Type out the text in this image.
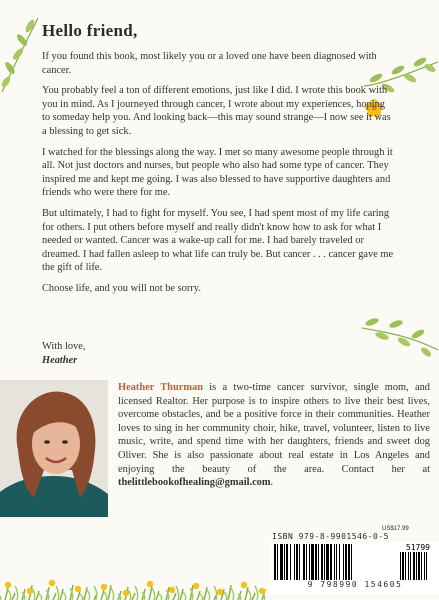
Hello friend,

If you found this book, most likely you or a loved one have been diagnosed with cancer.

You probably feel a ton of different emotions, just like I did. I wrote this book with you in mind. As I journeyed through cancer, I wrote about my experiences, hoping to someday help you. And looking back—this may sound strange—I now see it was a blessing to get sick.

I watched for the blessings along the way. I met so many awesome people through it all. Not just doctors and nurses, but people who also had some type of cancer. They inspired me and kept me going. I was also blessed to have supportive daughters and friends who were there for me.

But ultimately, I had to fight for myself. You see, I had spent most of my life caring for others. I put others before myself and really didn't know how to ask for what I needed or wanted. Cancer was a wake-up call for me. I had barely traveled or dreamed. I had fallen asleep to what life can truly be. But cancer . . . cancer gave me the gift of life.

Choose life, and you will not be sorry.

With love,
Heather
Heather Thurman is a two-time cancer survivor, single mom, and licensed Realtor. Her purpose is to inspire others to live their best lives, overcome obstacles, and be a positive force in their communities. Heather loves to sing in her community choir, hike, travel, volunteer, listen to live music, write, and spend time with her daughters, friends and sweet dog Oliver. She is also passionate about real estate in Los Angeles and enjoying the beauty of the area. Contact her at thelittlebookofhealing@gmail.com.
US$17.99
ISBN 979-8-9901546-0-5
51799
9 798990 154605
